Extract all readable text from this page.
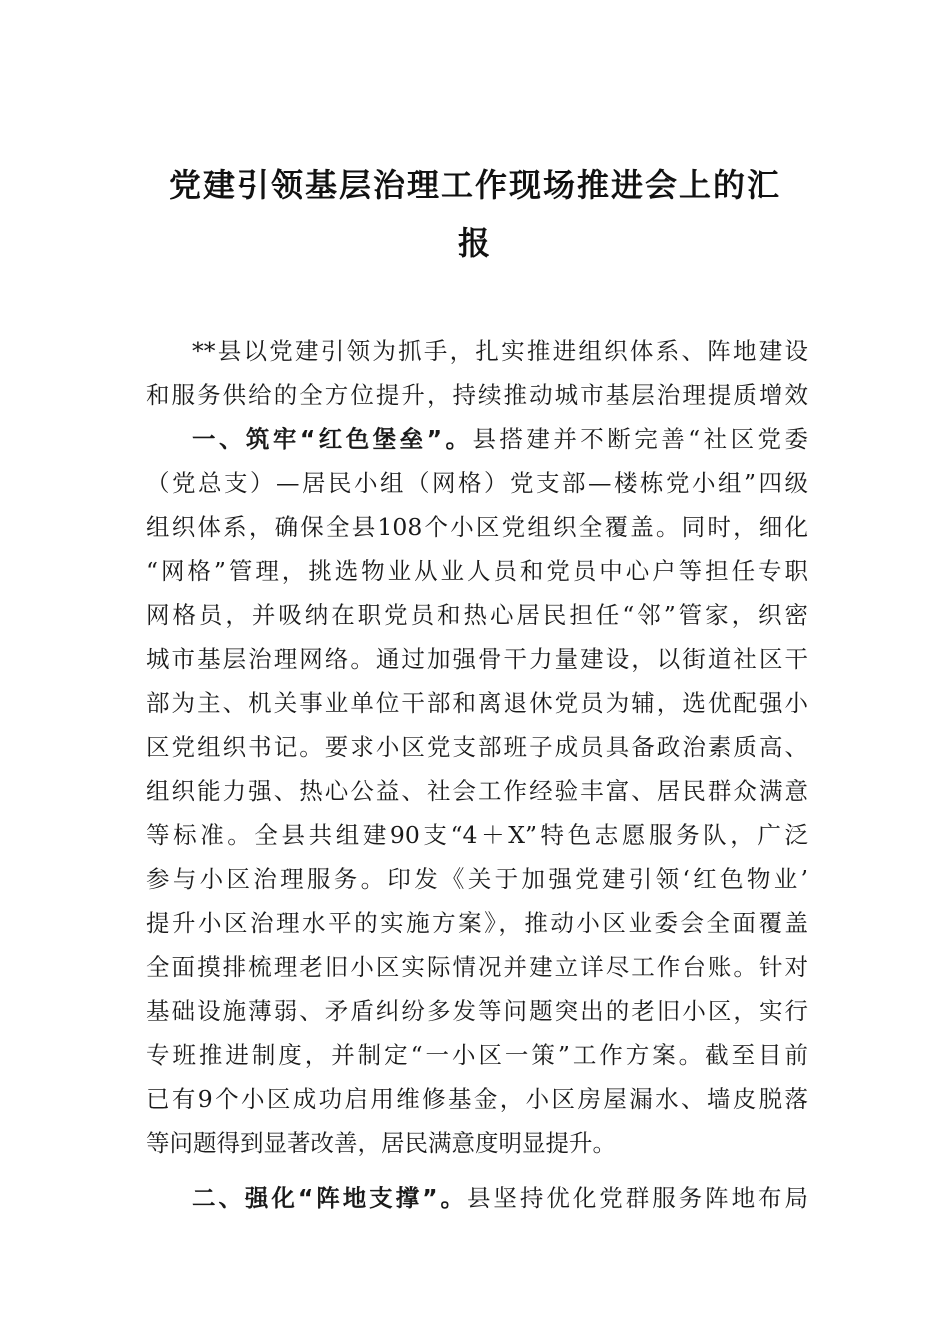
党建引领基层治理工作现场推进会上的汇
报
**县以党建引领为抓手，扎实推进组织体系、阵地建设
和服务供给的全方位提升，持续推动城市基层治理提质增效
一、筑牢“红色堡垒”。县搭建并不断完善“社区党委
（党总支）—居民小组（网格）党支部—楼栋党小组”四级
组织体系，确保全县108个小区党组织全覆盖。同时，细化
“网格”管理，挑选物业从业人员和党员中心户等担任专职
网格员，并吸纳在职党员和热心居民担任“邻”管家，织密
城市基层治理网络。通过加强骨干力量建设，以街道社区干
部为主、机关事业单位干部和离退休党员为辅，选优配强小
区党组织书记。要求小区党支部班子成员具备政治素质高、
组织能力强、热心公益、社会工作经验丰富、居民群众满意
等标准。全县共组建90支“4＋X”特色志愿服务队，广泛
参与小区治理服务。印发《关于加强党建引领‘红色物业’
提升小区治理水平的实施方案》，推动小区业委会全面覆盖
全面摸排梳理老旧小区实际情况并建立详尽工作台账。针对
基础设施薄弱、矛盾纠纷多发等问题突出的老旧小区，实行
专班推进制度，并制定“一小区一策”工作方案。截至目前
已有9个小区成功启用维修基金，小区房屋漏水、墙皮脱落
等问题得到显著改善，居民满意度明显提升。
二、强化“阵地支撑”。县坚持优化党群服务阵地布局
